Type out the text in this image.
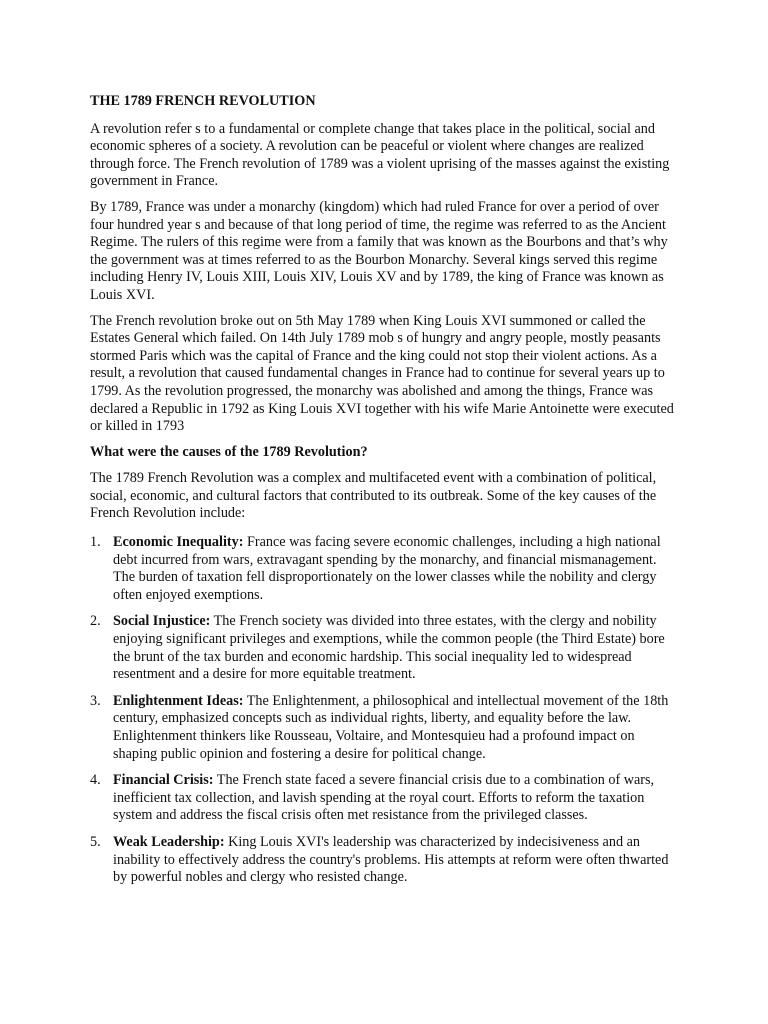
THE 1789 FRENCH REVOLUTION

A revolution refer s to a fundamental or complete change that takes place in the political, social and economic spheres of a society. A revolution can be peaceful or violent where changes are realized through force. The French revolution of 1789 was a violent uprising of the masses against the existing government in France.

By 1789, France was under a monarchy (kingdom) which had ruled France for over a period of over four hundred year s and because of that long period of time, the regime was referred to as the Ancient Regime. The rulers of this regime were from a family that was known as the Bourbons and that’s why the government was at times referred to as the Bourbon Monarchy. Several kings served this regime including Henry IV, Louis XIII, Louis XIV, Louis XV and by 1789, the king of France was known as Louis XVI.

The French revolution broke out on 5th May 1789 when King Louis XVI summoned or called the Estates General which failed. On 14th July 1789 mob s of hungry and angry people, mostly peasants stormed Paris which was the capital of France and the king could not stop their violent actions. As a result, a revolution that caused fundamental changes in France had to continue for several years up to 1799. As the revolution progressed, the monarchy was abolished and among the things, France was declared a Republic in 1792 as King Louis XVI together with his wife Marie Antoinette were executed or killed in 1793

What were the causes of the 1789 Revolution?

The 1789 French Revolution was a complex and multifaceted event with a combination of political, social, economic, and cultural factors that contributed to its outbreak. Some of the key causes of the French Revolution include:

1. Economic Inequality: France was facing severe economic challenges, including a high national debt incurred from wars, extravagant spending by the monarchy, and financial mismanagement. The burden of taxation fell disproportionately on the lower classes while the nobility and clergy often enjoyed exemptions.
2. Social Injustice: The French society was divided into three estates, with the clergy and nobility enjoying significant privileges and exemptions, while the common people (the Third Estate) bore the brunt of the tax burden and economic hardship. This social inequality led to widespread resentment and a desire for more equitable treatment.
3. Enlightenment Ideas: The Enlightenment, a philosophical and intellectual movement of the 18th century, emphasized concepts such as individual rights, liberty, and equality before the law. Enlightenment thinkers like Rousseau, Voltaire, and Montesquieu had a profound impact on shaping public opinion and fostering a desire for political change.
4. Financial Crisis: The French state faced a severe financial crisis due to a combination of wars, inefficient tax collection, and lavish spending at the royal court. Efforts to reform the taxation system and address the fiscal crisis often met resistance from the privileged classes.
5. Weak Leadership: King Louis XVI's leadership was characterized by indecisiveness and an inability to effectively address the country's problems. His attempts at reform were often thwarted by powerful nobles and clergy who resisted change.
